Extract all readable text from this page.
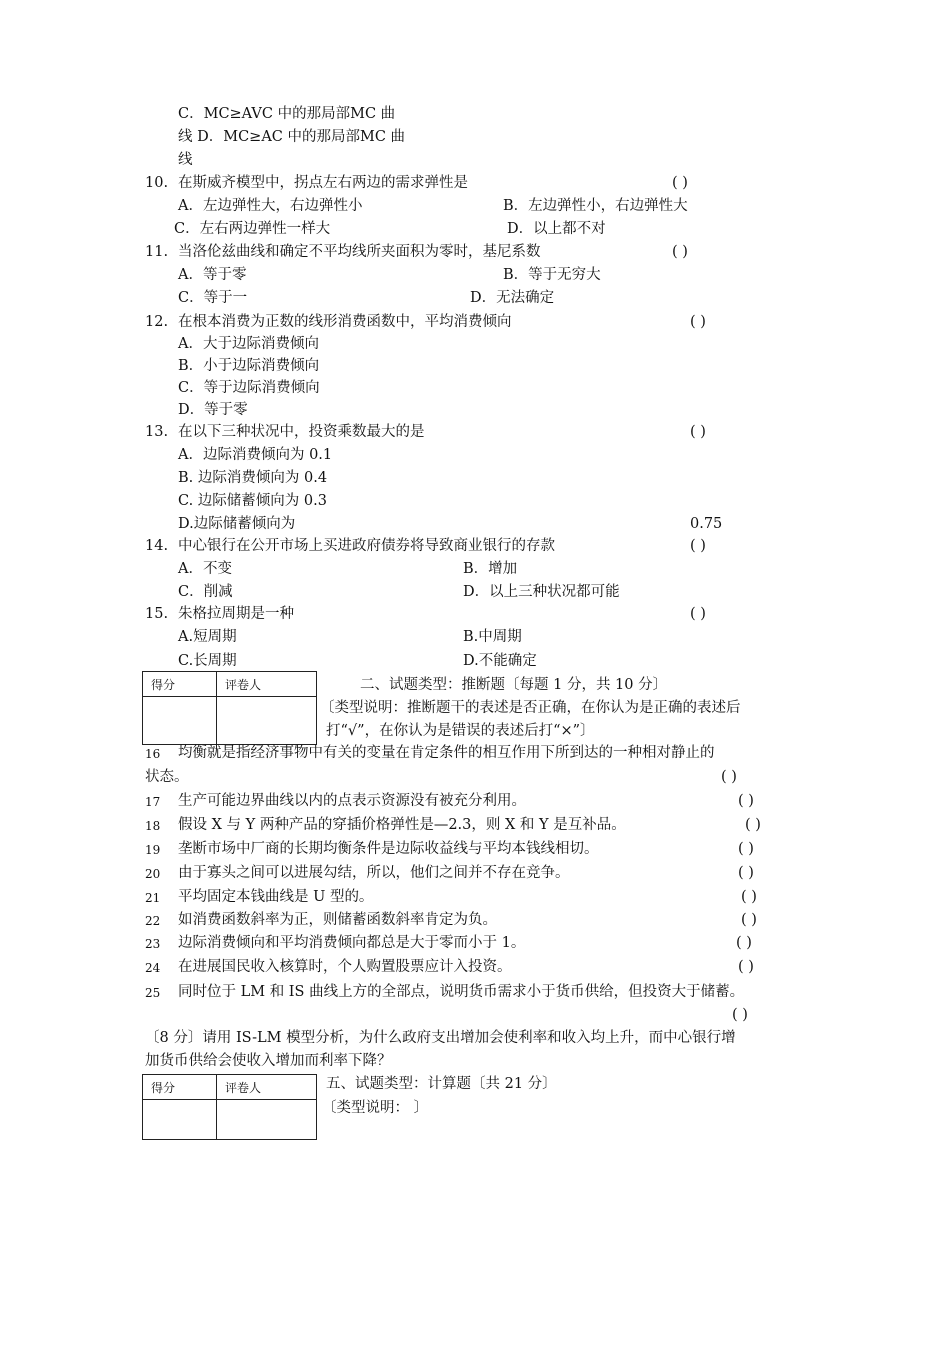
C．MC≥AVC 中的那局部MC 曲
线 D．MC≥AC 中的那局部MC 曲
线
10. 在斯威齐模型中，拐点左右两边的需求弹性是	( )
A．左边弹性大，右边弹性小	B．左边弹性小，右边弹性大
C．左右两边弹性一样大	D．以上都不对
11. 当洛伦兹曲线和确定不平均线所夹面积为零时，基尼系数	( )
A．等于零	B．等于无穷大
C．等于一	D．无法确定
12. 在根本消费为正数的线形消费函数中，平均消费倾向	( )
A．大于边际消费倾向
B．小于边际消费倾向
C．等于边际消费倾向
D．等于零
13. 在以下三种状况中，投资乘数最大的是	( )
A．边际消费倾向为 0.1
B. 边际消费倾向为 0.4
C. 边际储蓄倾向为 0.3
D.边际储蓄倾向为	0.75
14. 中心银行在公开市场上买进政府债券将导致商业银行的存款	( )
A．不变	B．增加
C．削减	D．以上三种状况都可能
15. 朱格拉周期是一种	( )
A.短周期	B.中周期
C.长周期	D.不能确定
得分	评卷人
		二、试题类型：推断题〔每题 1 分，共 10 分〕
〔类型说明：推断题干的表述是否正确，在你认为是正确的表述后
打“√”，在你认为是错误的表述后打“×”〕
16 均衡就是指经济事物中有关的变量在肯定条件的相互作用下所到达的一种相对静止的
状态。	( )
17 生产可能边界曲线以内的点表示资源没有被充分利用。	( )
18 假设 X 与 Y 两种产品的穿插价格弹性是—2.3，则 X 和 Y 是互补品。	( )
19 垄断市场中厂商的长期均衡条件是边际收益线与平均本钱线相切。	( )
20 由于寡头之间可以进展勾结，所以，他们之间并不存在竞争。	( )
21 平均固定本钱曲线是 U 型的。	( )
22 如消费函数斜率为正，则储蓄函数斜率肯定为负。	( )
23 边际消费倾向和平均消费倾向都总是大于零而小于 1。	( )
24 在进展国民收入核算时，个人购置股票应计入投资。	( )
25 同时位于 LM 和 IS 曲线上方的全部点，说明货币需求小于货币供给，但投资大于储蓄。
( )
〔8 分〕请用 IS-LM 模型分析，为什么政府支出增加会使利率和收入均上升，而中心银行增
加货币供给会使收入增加而利率下降？
得分	评卷人
		五、试题类型：计算题〔共 21 分〕
〔类型说明： 〕
